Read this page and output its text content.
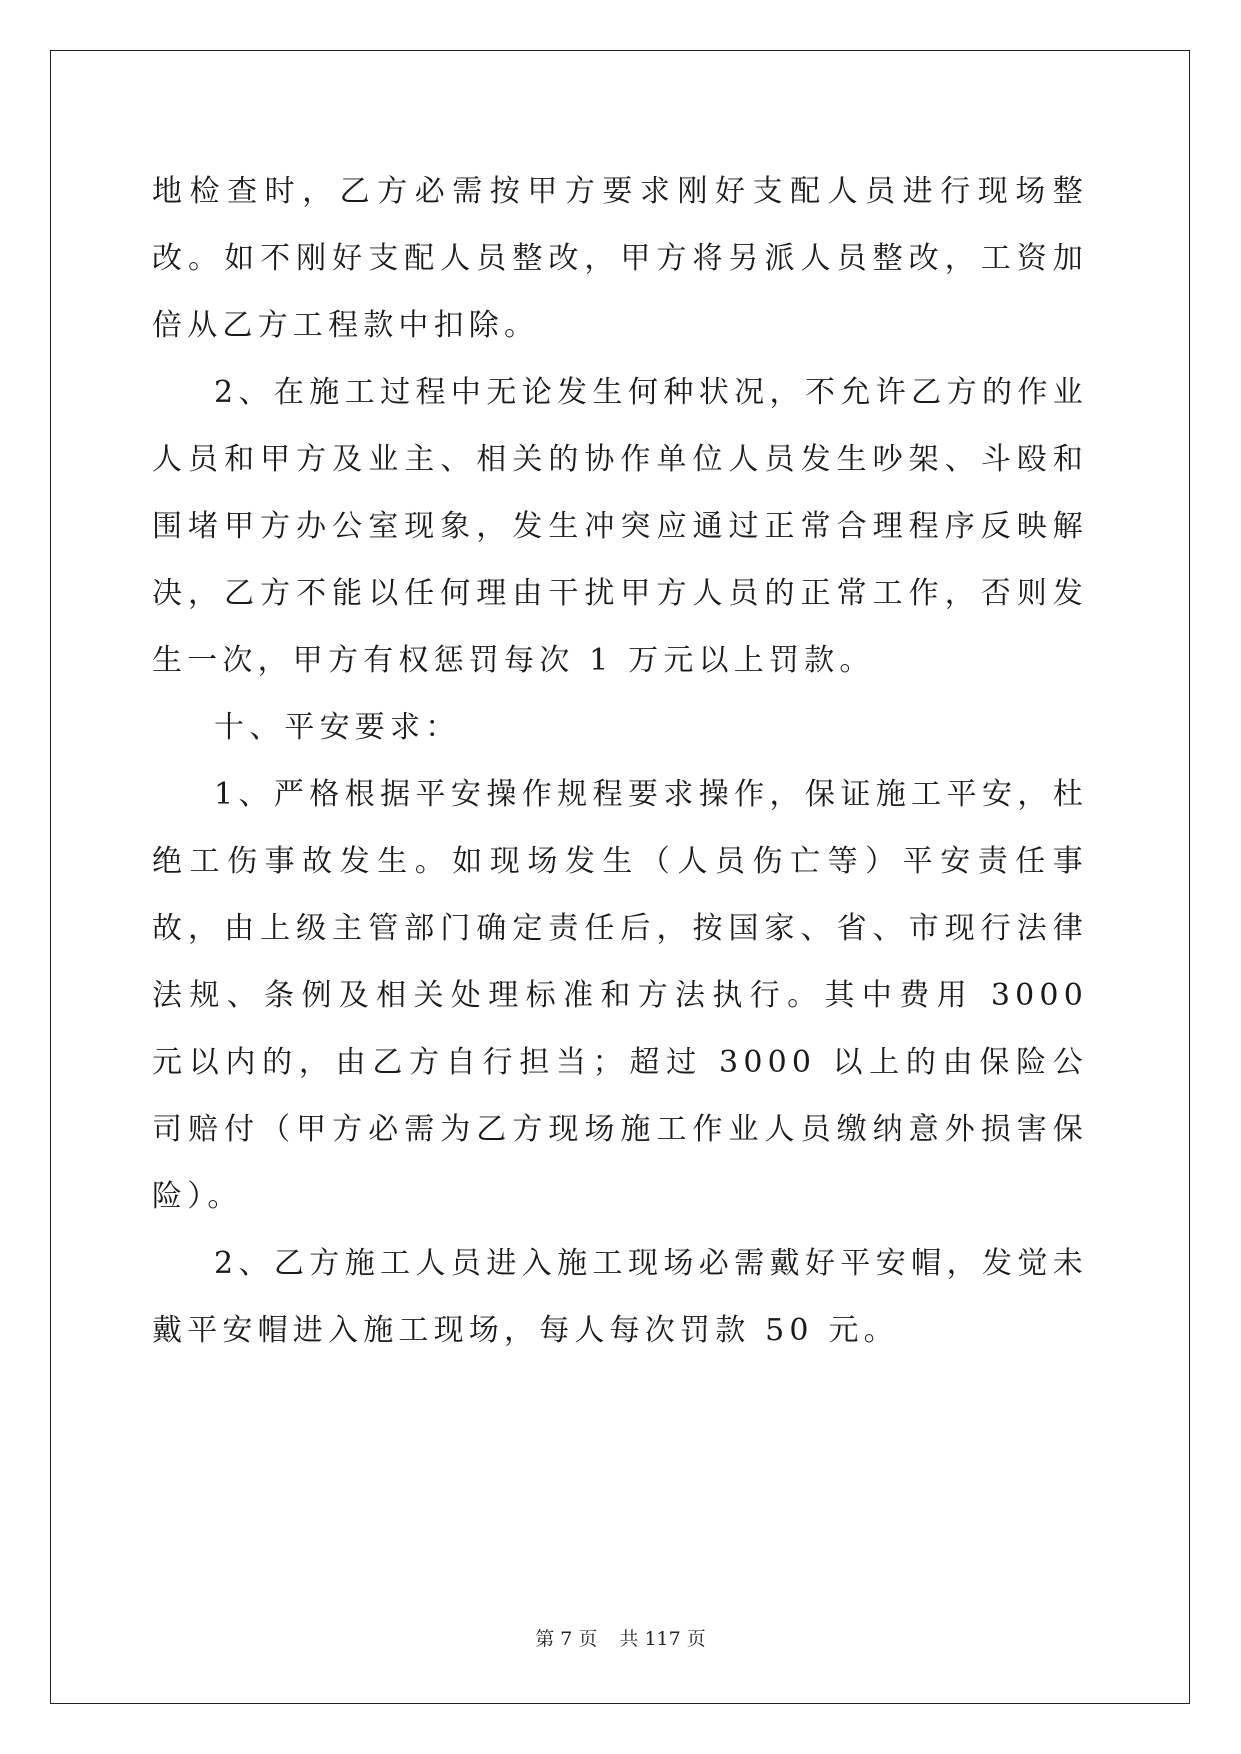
地检查时，乙方必需按甲方要求刚好支配人员进行现场整改。如不刚好支配人员整改，甲方将另派人员整改，工资加倍从乙方工程款中扣除。

2、在施工过程中无论发生何种状况，不允许乙方的作业人员和甲方及业主、相关的协作单位人员发生吵架、斗殴和围堵甲方办公室现象，发生冲突应通过正常合理程序反映解决，乙方不能以任何理由干扰甲方人员的正常工作，否则发生一次，甲方有权惩罚每次 1 万元以上罚款。

十、平安要求：

1、严格根据平安操作规程要求操作，保证施工平安，杜绝工伤事故发生。如现场发生（人员伤亡等）平安责任事故，由上级主管部门确定责任后，按国家、省、市现行法律法规、条例及相关处理标准和方法执行。其中费用 3000 元以内的，由乙方自行担当；超过 3000 以上的由保险公司赔付（甲方必需为乙方现场施工作业人员缴纳意外损害保险）。

2、乙方施工人员进入施工现场必需戴好平安帽，发觉未戴平安帽进入施工现场，每人每次罚款 50 元。

第 7 页 共 117 页
